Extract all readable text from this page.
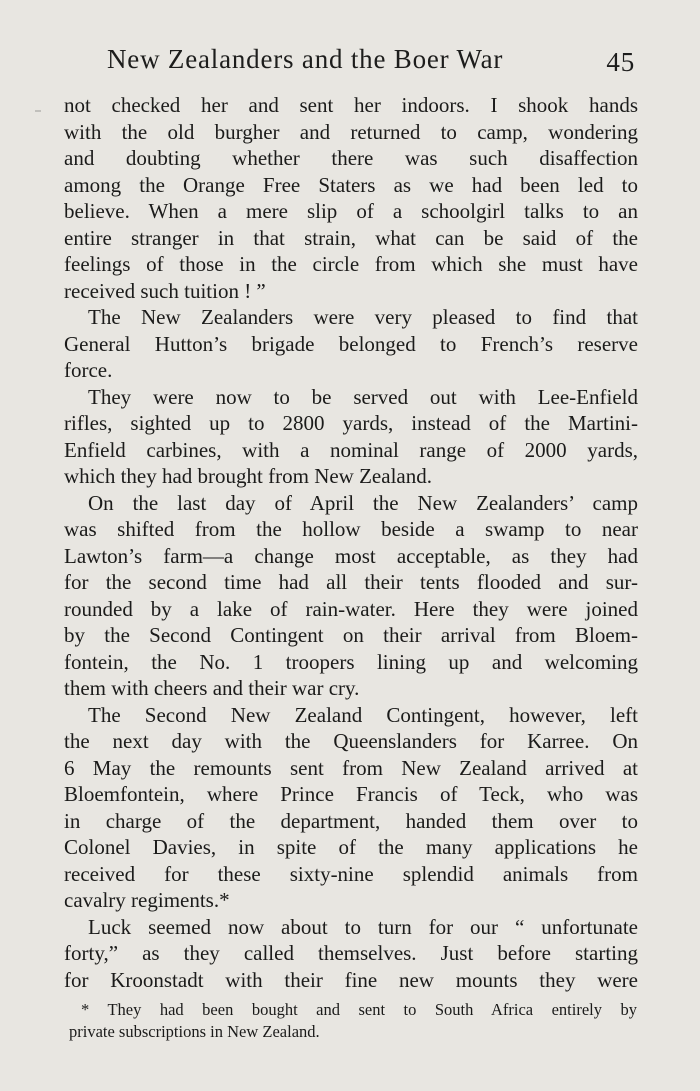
New Zealanders and the Boer War	45
not checked her and sent her indoors. I shook hands
with the old burgher and returned to camp, wondering
and doubting whether there was such disaffection
among the Orange Free Staters as we had been led to
believe. When a mere slip of a schoolgirl talks to an
entire stranger in that strain, what can be said of the
feelings of those in the circle from which she must have
received such tuition ! ”
The New Zealanders were very pleased to find that
General Hutton’s brigade belonged to French’s reserve
force.
They were now to be served out with Lee-Enfield
rifles, sighted up to 2800 yards, instead of the Martini-
Enfield carbines, with a nominal range of 2000 yards,
which they had brought from New Zealand.
On the last day of April the New Zealanders’ camp
was shifted from the hollow beside a swamp to near
Lawton’s farm—a change most acceptable, as they had
for the second time had all their tents flooded and sur-
rounded by a lake of rain-water. Here they were joined
by the Second Contingent on their arrival from Bloem-
fontein, the No. 1 troopers lining up and welcoming
them with cheers and their war cry.
The Second New Zealand Contingent, however, left
the next day with the Queenslanders for Karree. On
6 May the remounts sent from New Zealand arrived at
Bloemfontein, where Prince Francis of Teck, who was
in charge of the department, handed them over to
Colonel Davies, in spite of the many applications he
received for these sixty-nine splendid animals from
cavalry regiments.*
Luck seemed now about to turn for our “ unfortunate
forty,” as they called themselves. Just before starting
for Kroonstadt with their fine new mounts they were
* They had been bought and sent to South Africa entirely by
private subscriptions in New Zealand.
